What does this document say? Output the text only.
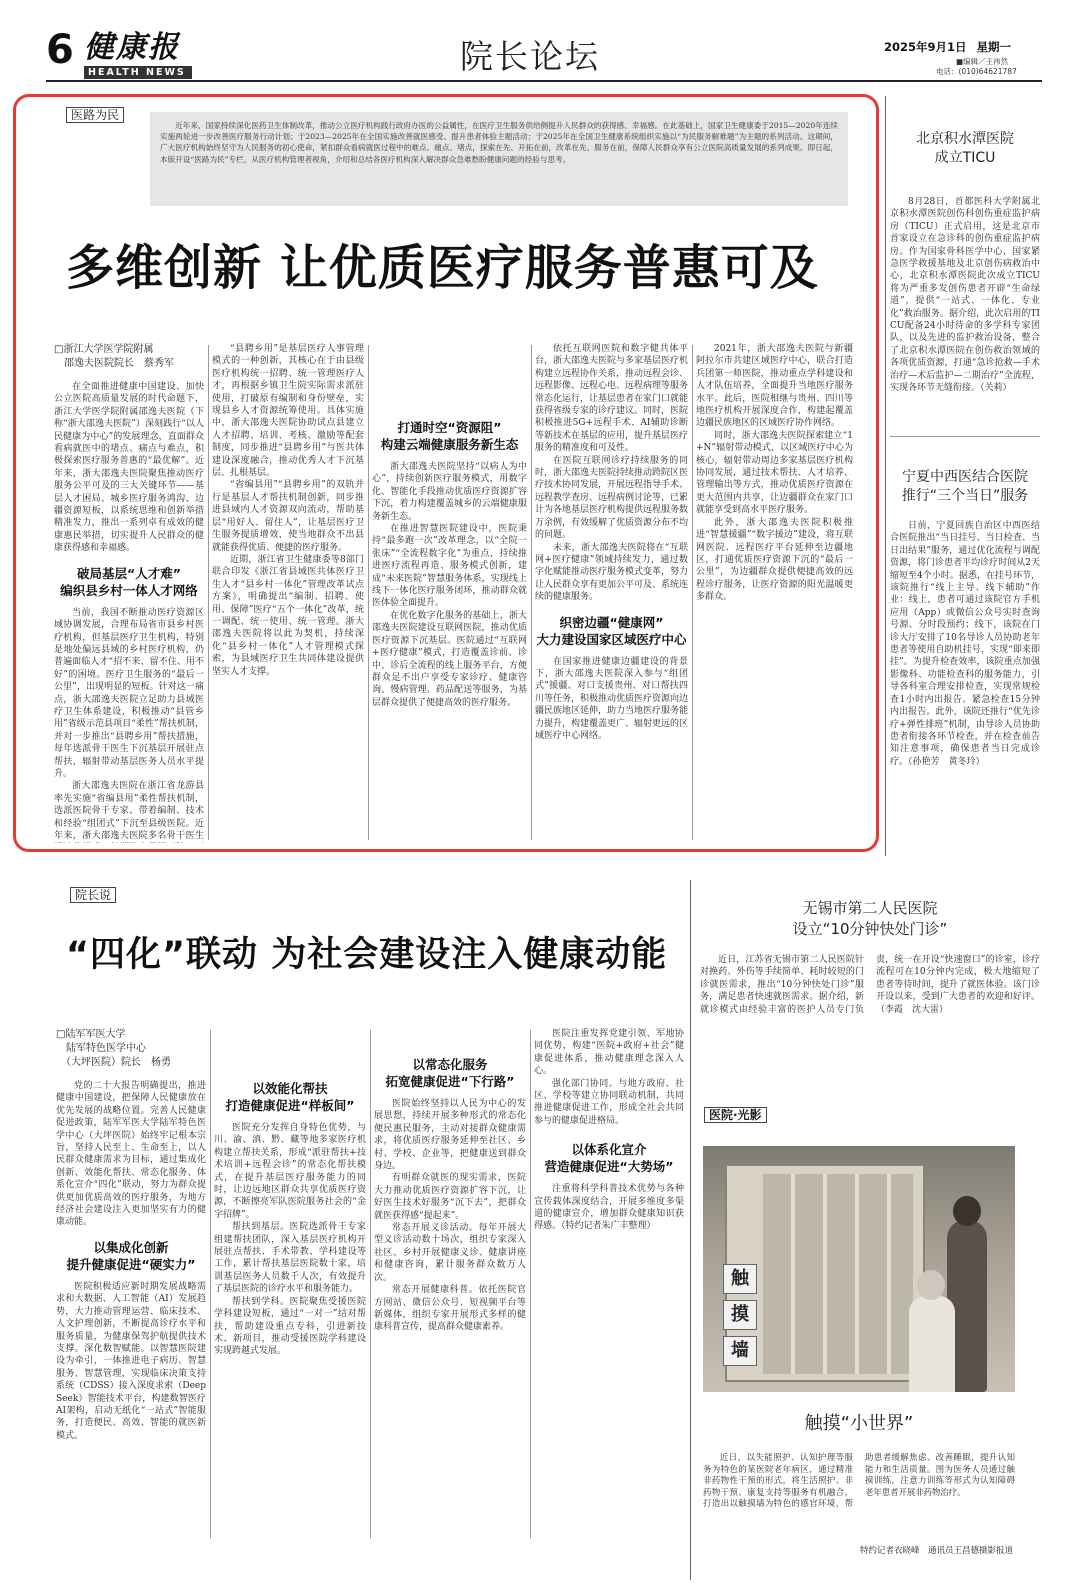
6 健康报
HEALTH NEWS	院长论坛	2025年9月1日 星期一
■编辑／王祎然
电话：(010)64621787
医路为民
近年来，国家持续深化医药卫生体制改革，推动公立医疗机构践行政府办医的公益属性，在医疗卫生服务供给侧提升人民群众的获得感、幸福感。在此基础上，国家卫生健康委于2015—2020年连续实施两轮进一步改善医疗服务行动计划；于2023—2025年在全国实施改善就医感受、提升患者体验主题活动；于2025年在全国卫生健康系统组织实施以“为民服务解难题”为主题的系列活动。这期间，广大医疗机构始终坚守为人民服务的初心使命，紧扣群众看病就医过程中的难点、痛点、堵点，探索在先、开拓在前，改革在先、服务在前，保障人民群众享有公立医院高质量发展的系列成果。即日起，本版开设“医路为民”专栏，从医疗机构管理者视角，介绍和总结各医疗机构深入解决群众急难愁盼健康问题的经验与思考。
多维创新 让优质医疗服务普惠可及
□浙江大学医学院附属
邵逸夫医院院长　蔡秀军

在全面推进健康中国建设、加快公立医院高质量发展的时代命题下，浙江大学医学院附属邵逸夫医院（下称“浙大邵逸夫医院”）深刻践行“以人民健康为中心”的发展理念，直面群众看病就医中的堵点、痛点与难点，积极探索医疗服务普惠的“最优解”。近年来，浙大邵逸夫医院聚焦推动医疗服务公平可及的三大关键环节——基层人才困局、城乡医疗服务鸿沟、边疆资源短板，以系统思维和创新举措精准发力，推出一系列卓有成效的健康惠民举措，切实提升人民群众的健康获得感和幸福感。

破局基层“人才难”
编织县乡村一体人才网络

当前，我国不断推动医疗资源区域协调发展，合理布局省市县乡村医疗机构，但基层医疗卫生机构，特别是地处偏远县域的乡村医疗机构，仍普遍面临人才“招不来、留不住、用不好”的困境。医疗卫生服务的“最后一公里”，出现明显的短板。针对这一痛点，浙大邵逸夫医院立足助力县域医疗卫生体系建设，积极推动“县管乡用”省级示范县项目“柔性”帮扶机制，并对一步推出“县聘乡用”帮扶措施，每年选派骨干医生下沉基层开展驻点帮扶，辐射带动基层医务人员水平提升。

浙大邵逸夫医院在浙江省龙游县率先实施“省编县用”柔性帮扶机制，选派医院骨干专家、带着编制、技术和经验“组团式”下沉至县级医院。近年来，浙大邵逸夫医院多名骨干医生

“县聘乡用”是基层医疗人事管理模式的一种创新，其核心在于由县级医疗机构统一招聘、统一管理医疗人才，再根据乡镇卫生院实际需求派驻使用，打破原有编制和身份壁垒，实现县乡人才资源统筹使用。具体实施中，浙大邵逸夫医院协助试点县建立人才招聘、培训、考核、激励等配套制度，同步推进“县聘乡用”与医共体建设深度融合，推动优秀人才下沉基层、扎根基层。

“省编县用”“县聘乡用”的双轨并行是基层人才帮扶机制创新，同步推进县域内人才资源双向流动，帮助基层“用好人、留住人”，让基层医疗卫生服务提质增效，使当地群众不出县就能获得优质、便捷的医疗服务。

近期，浙江省卫生健康委等8部门联合印发《浙江省县域医共体医疗卫生人才“县乡村一体化”管理改革试点方案》，明确提出“编制、招聘、使用、保障”医疗“五个一体化”改革，统一调配、统一使用、统一管理。浙大邵逸夫医院将以此为契机，持续深化“县乡村一体化”人才管理模式探索，为县域医疗卫生共同体建设提供坚实人才支撑。

打通时空“资源阻”
构建云端健康服务新生态

浙大邵逸夫医院坚持“以病人为中心”，持续创新医疗服务模式，用数字化、智能化手段推动优质医疗资源扩容下沉，着力构建覆盖城乡的云端健康服务新生态。

在推进智慧医院建设中，医院秉持“最多跑一次”改革理念，以“全院一张床”“全流程数字化”为重点，持续推进医疗流程再造、服务模式创新，建成“未来医院”智慧服务体系，实现线上线下一体化医疗服务闭环，推动群众就医体验全面提升。

在优化数字化服务的基础上，浙大邵逸夫医院建设互联网医院，推动优质医疗资源下沉基层。医院通过“互联网+医疗健康”模式，打造覆盖诊前、诊中、诊后全流程的线上服务平台，方便群众足不出户享受专家诊疗、健康咨询、慢病管理、药品配送等服务，为基层群众提供了便捷高效的医疗服务。

依托互联网医院和数字健共体平台，浙大邵逸夫医院与多家基层医疗机构建立远程协作关系，推动远程会诊、远程影像、远程心电、远程病理等服务常态化运行，让基层患者在家门口就能获得省级专家的诊疗建议。同时，医院积极推进5G+远程手术、AI辅助诊断等新技术在基层的应用，提升基层医疗服务的精准度和可及性。

在医院互联网诊疗持续服务的同时，浙大邵逸夫医院持续推动跨院区医疗技术协同发展，开展远程指导手术、远程教学查房、远程病例讨论等，已累计为各地基层医疗机构提供远程服务数万余例，有效缓解了优质资源分布不均的问题。

未来，浙大邵逸夫医院将在“互联网+医疗健康”领域持续发力，通过数字化赋能推动医疗服务模式变革，努力让人民群众享有更加公平可及、系统连续的健康服务。

织密边疆“健康网”
大力建设国家区域医疗中心

在国家推进健康边疆建设的背景下，浙大邵逸夫医院深入参与“组团式”援疆、对口支援贵州、对口帮扶四川等任务，积极推动优质医疗资源向边疆民族地区延伸，助力当地医疗服务能力提升，构建覆盖更广、辐射更远的区域医疗中心网络。

2021年，浙大邵逸夫医院与新疆阿拉尔市共建区域医疗中心，联合打造兵团第一师医院，推动重点学科建设和人才队伍培养，全面提升当地医疗服务水平。此后，医院相继与贵州、四川等地医疗机构开展深度合作，构建起覆盖边疆民族地区的区域医疗协作网络。

同时，浙大邵逸夫医院探索建立“1+N”辐射带动模式，以区域医疗中心为核心，辐射带动周边多家基层医疗机构协同发展，通过技术帮扶、人才培养、管理输出等方式，推动优质医疗资源在更大范围内共享，让边疆群众在家门口就能享受到高水平医疗服务。

此外，浙大邵逸夫医院积极推进“智慧援疆”“数字援边”建设，将互联网医院、远程医疗平台延伸至边疆地区，打通优质医疗资源下沉的“最后一公里”，为边疆群众提供便捷高效的远程诊疗服务，让医疗资源的阳光温暖更多群众。

北京积水潭医院
成立TICU

8月28日，首都医科大学附属北京积水潭医院创伤科创伤重症监护病房（TICU）正式启用，这是北京市首家设立在急诊科的创伤重症监护病房。作为国家骨科医学中心、国家紧急医学救援基地及北京创伤病救治中心，北京积水潭医院此次成立TICU将为严重多发创伤患者开辟“生命绿道”，提供“一站式、一体化、专业化”救治服务。据介绍，此次启用的TICU配备24小时待命的多学科专家团队，以及先进的监护救治设备，整合了北京积水潭医院在创伤救治领域的各项优质资源，打通“急诊抢救—手术治疗—术后监护—二期治疗”全流程，实现各环节无缝衔接。（关莉）

宁夏中西医结合医院
推行“三个当日”服务

日前，宁夏回族自治区中西医结合医院推出“当日挂号、当日检查、当日出结果”服务，通过优化流程与调配资源，将门诊患者平均诊疗时间从2天缩短至4个小时。据悉，在挂号环节，该院推行“线上主导、线下辅助”作业：线上，患者可通过该院官方手机应用（App）或微信公众号实时查询号源、分时段预约；线下，该院在门诊大厅安排了10名导诊人员协助老年患者等使用自助机挂号，实现“即来即挂”。为提升检查效率，该院重点加强影像科、功能检查科的服务能力，引导各科室合理安排检查，实现常规检查1小时内出报告、紧急检查15分钟内出报告。此外，该院还推行“优先诊疗+弹性排班”机制，由导诊人员协助患者衔接各环节检查，并在检查前告知注意事项，确保患者当日完成诊疗。（孙艳芳　黄冬玲）

院长说
“四化”联动 为社会建设注入健康动能
□陆军军医大学
陆军特色医学中心
（大坪医院）院长　杨勇

党的二十大报告明确提出，推进健康中国建设，把保障人民健康放在优先发展的战略位置。完善人民健康促进政策，陆军军医大学陆军特色医学中心（大坪医院）始终牢记根本宗旨，坚持人民至上、生命至上，以人民群众健康需求为目标，通过集成化创新、效能化帮扶、常态化服务、体系化宣介“四化”联动，努力为群众提供更加优质高效的医疗服务，为地方经济社会建设注入更加坚实有力的健康动能。

以集成化创新
提升健康促进“硬实力”

医院积极适应新时期发展战略需求和大数据、人工智能（AI）发展趋势，大力推动管理运营、临床技术、人文护理创新，不断提高诊疗水平和服务质量，为健康保驾护航提供技术支撑。深化数智赋能。以智慧医院建设为牵引，一体推进电子病历、智慧服务、智慧管理，实现临床决策支持系统（CDSS）接入深度求索（DeepSeek）智能技术平台，构建数智医疗AI架构，启动无纸化“一站式”智能服务，打造便民、高效、智能的就医新模式。

以效能化帮扶
打造健康促进“样板间”

医院充分发挥自身特色优势，与川、渝、滇、黔、藏等地多家医疗机构建立帮扶关系，形成“派驻帮扶+技术培训+远程会诊”的常态化帮扶模式，在提升基层医疗服务能力的同时，让边远地区群众共享优质医疗资源，不断擦亮军队医院服务社会的“金字招牌”。

帮扶到基层。医院选派骨干专家组建帮扶团队，深入基层医疗机构开展驻点帮扶、手术带教、学科建设等工作，累计帮扶基层医院数十家，培训基层医务人员数千人次，有效提升了基层医院的诊疗水平和服务能力。

帮扶到学科。医院聚焦受援医院学科建设短板，通过“一对一”结对帮扶，帮助建设重点专科，引进新技术、新项目，推动受援医院学科建设实现跨越式发展。

以常态化服务
拓宽健康促进“下行路”

医院始终坚持以人民为中心的发展思想，持续开展多种形式的常态化便民惠民服务，主动对接群众健康需求，将优质医疗服务延伸至社区、乡村、学校、企业等，把健康送到群众身边。

有明群众就医的现实需求，医院大力推动优质医疗资源扩容下沉，让好医生技术好服务“沉下去”，把群众就医获得感“提起来”。

常态开展义诊活动。每年开展大型义诊活动数十场次，组织专家深入社区、乡村开展健康义诊、健康讲座和健康咨询，累计服务群众数万人次。

常态开展健康科普。依托医院官方网站、微信公众号、短视频平台等新媒体，组织专家开展形式多样的健康科普宣传，提高群众健康素养。

医院注重发挥党建引领、军地协同优势，构建“医院+政府+社会”健康促进体系，推动健康理念深入人心。

强化部门协同。与地方政府、社区、学校等建立协同联动机制，共同推进健康促进工作，形成全社会共同参与的健康促进格局。

以体系化宣介
营造健康促进“大势场”

注重将科学科普技术优势与各种宣传载体深度结合，开展多维度多渠道的健康宣介，增加群众健康知识获得感。（特约记者朱广丰整理）

无锡市第二人民医院
设立“10分钟快处门诊”

近日，江苏省无锡市第二人民医院针对换药、外伤等手续简单、耗时较短的门诊就医需求，推出“10分钟快处门诊”服务，满足患者快速就医需求。据介绍，新就诊模式由经验丰富的医护人员专门负责，统一在开设“快速窗口”的诊室，诊疗流程可在10分钟内完成，极大地缩短了患者等待时间，提升了就医体验。该门诊开设以来，受到广大患者的欢迎和好评。（李霞　沈大雷）

医院·光影
触
摸
墙
触摸“小世界”

近日，以失能照护、认知护理等服务为特色的某医院老年病区，通过精准非药物性干预的形式，将生活照护、非药物干预、康复支持等服务有机融合，打造出以触摸墙为特色的感官环境，帮助患者缓解焦虑、改善睡眠，提升认知能力和生活质量。图为医务人员通过触摸训练，注意力训练等形式为认知障碍老年患者开展非药物治疗。

特约记者衣晓峰　通讯员王昌德摄影报道
